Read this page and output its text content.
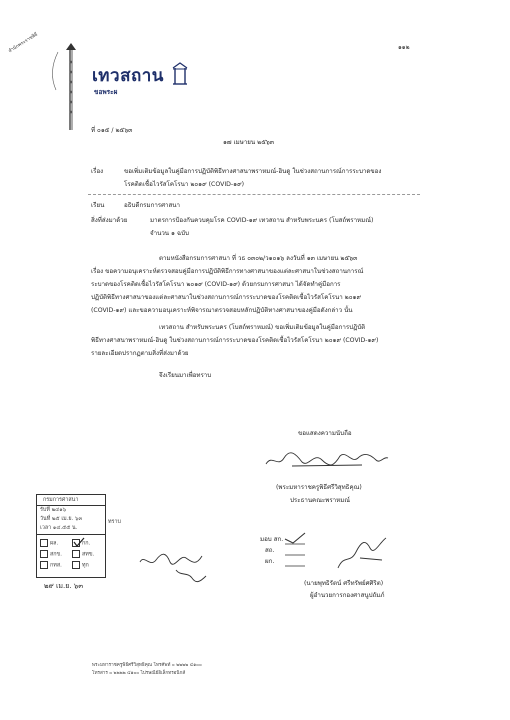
๑๑๒
สำนักพระราชพิธี
เทวสถาน
ขอพระผ
ที่ ๐๑๕ / ๒๕๖๓
๑๗ เมษายน ๒๕๖๓
เรื่อง	ขอเพิ่มเติมข้อมูลในคู่มือการปฏิบัติพิธีทางศาสนาพราหมณ์-ฮินดู ในช่วงสถานการณ์การระบาดของ
โรคติดเชื้อไวรัสโคโรนา ๒๐๑๙ (COVID-๑๙)
เรียน	อธิบดีกรมการศาสนา
สิ่งที่ส่งมาด้วย	มาตรการป้องกันควบคุมโรค COVID-๑๙ เทวสถาน สำหรับพระนคร (โบสถ์พราหมณ์)
จำนวน ๑ ฉบับ
ตามหนังสือกรมการศาสนา ที่ วธ ๐๓๐๒/ว๑๐๑๖ ลงวันที่ ๑๓ เมษายน ๒๕๖๓
เรื่อง ขอความอนุเคราะห์ตรวจสอบคู่มือการปฏิบัติพิธีการทางศาสนาของแต่ละศาสนาในช่วงสถานการณ์
ระบาดของโรคติดเชื้อไวรัสโคโรนา ๒๐๑๙ (COVID-๑๙) ด้วยกรมการศาสนา ได้จัดทำคู่มือการ
ปฏิบัติพิธีทางศาสนาของแต่ละศาสนาในช่วงสถานการณ์การระบาดของโรคติดเชื้อไวรัสโคโรนา ๒๐๑๙
(COVID-๑๙) และขอความอนุเคราะห์พิจารณาตรวจสอบหลักปฏิบัติทางศาสนาของคู่มือดังกล่าว นั้น
เทวสถาน สำหรับพระนคร (โบสถ์พราหมณ์) ขอเพิ่มเติมข้อมูลในคู่มือการปฏิบัติ
พิธีทางศาสนาพราหมณ์-ฮินดู ในช่วงสถานการณ์การระบาดของโรคติดเชื้อไวรัสโคโรนา ๒๐๑๙ (COVID-๑๙)
รายละเอียดปรากฏตามสิ่งที่ส่งมาด้วย
จึงเรียนมาเพื่อทราบ
ขอแสดงความนับถือ
(พระมหาราชครูพิธีศรีวิสุทธิคุณ)
ประธานคณะพราหมณ์
กรมการศาสนา
รับที่ ๒๔๑๖
วันที่ ๒๕ เม.ย. ๖๓
เวลา ๑๔.๕๕ น.
ผล.	กก.
สกข.	สทข.
กทส.	ทุก
ทราบ
๒๙ เม.ย. ๖๓
มอบ สก.
สถ.
ผก.
(นายพุทธิรัตน์ ศรีทรัพย์ศศิริต)
ผู้อำนวยการกองศาสนูปถัมภ์
พระมหาราชครูพิธีศรีวิสุทธิคุณ โทรศัพท์ ๐ ๒๒๒๒ ๔๑๐๐
โทรสาร ๐ ๒๒๒๒ ๔๑๐๐ ไปรษณีย์อิเล็กทรอนิกส์
